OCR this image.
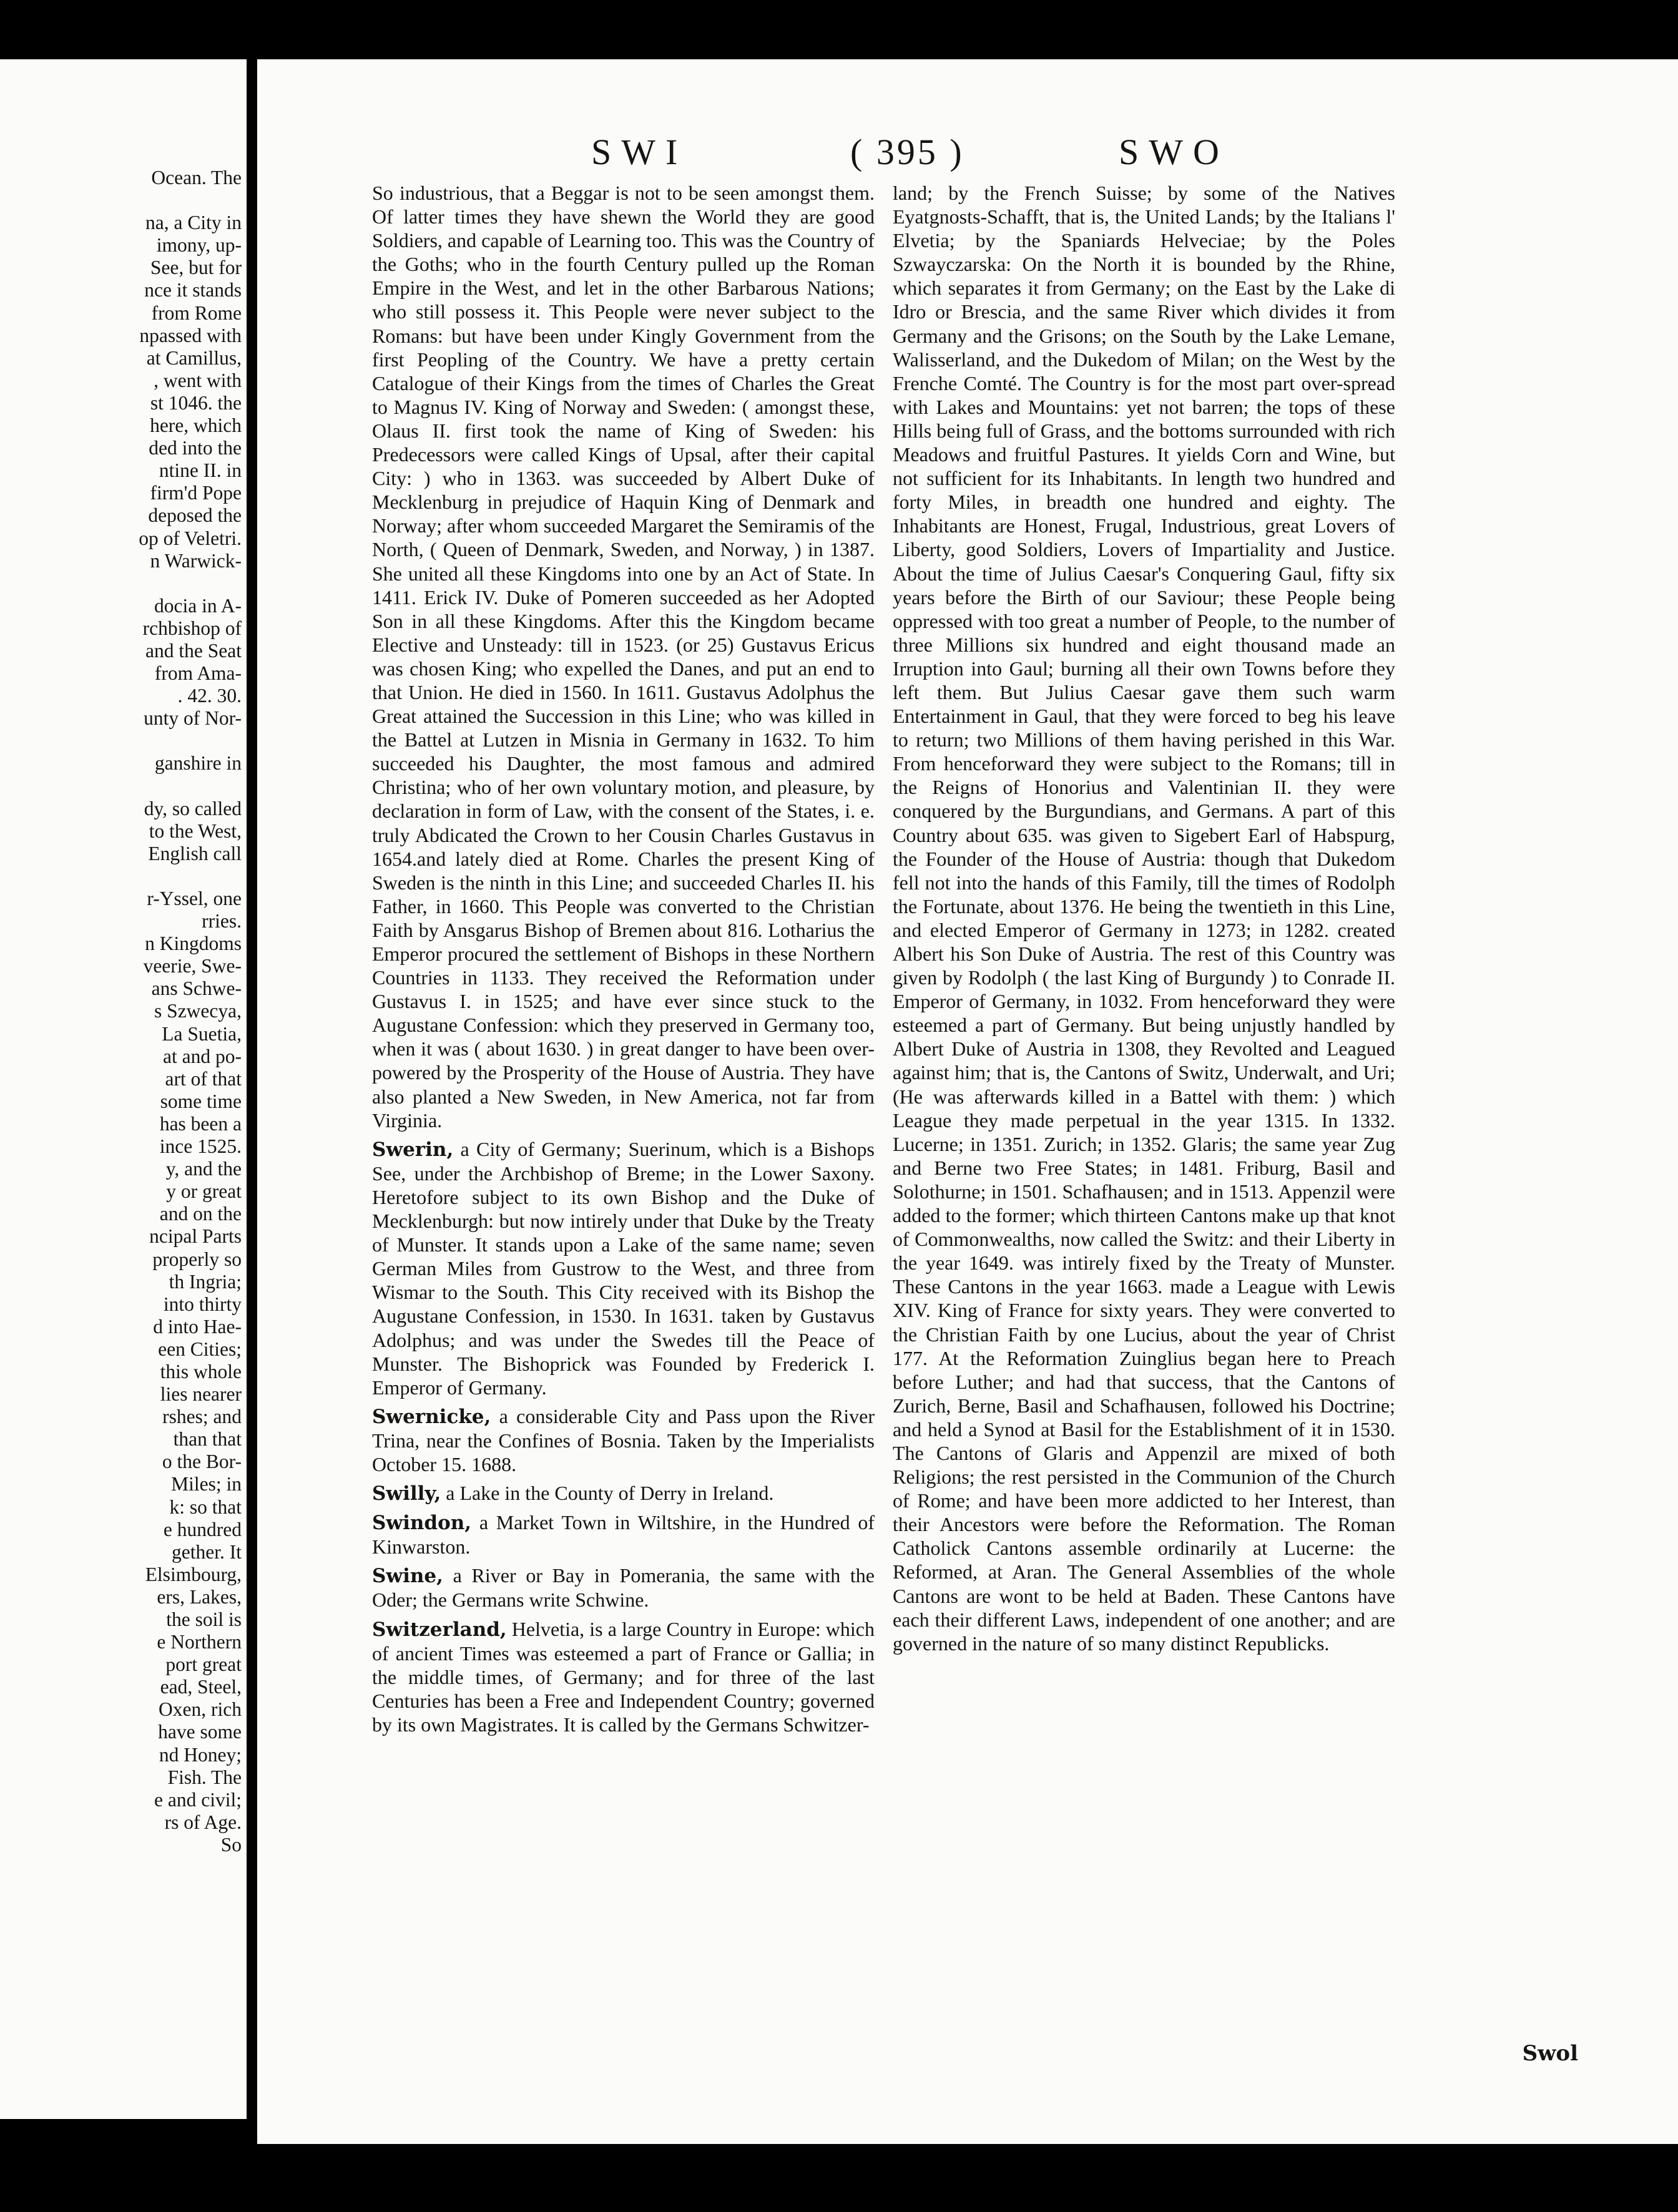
Ocean. The

na, a City in
imony, up-
See, but for
nce it stands
from Rome
npassed with
at Camillus,
, went with
st 1046. the
here, which
ded into the
ntine II. in
firm'd Pope
deposed the
op of Veletri.
n Warwick-

docia in A-
rchbishop of
and the Seat
from Ama-
. 42. 30.
unty of Nor-

ganshire in

dy, so called
to the West,
English call

r-Yssel, one
rries.
n Kingdoms
veerie, Swe-
ans Schwe-
s Szwecya,
La Suetia,
at and po-
art of that
some time
has been a
ince 1525.
y, and the
y or great
and on the
ncipal Parts
properly so
th Ingria;
into thirty
d into Hae-
een Cities;
this whole
lies nearer
rshes; and
than that
o the Bor-
Miles; in
k: so that
e hundred
gether. It
Elsimbourg,
ers, Lakes,
the soil is
e Northern
port great
ead, Steel,
Oxen, rich
have some
nd Honey;
Fish. The
e and civil;
rs of Age.
So
SWI	( 395 )	SWO

So industrious, that a Beggar is not to be seen amongst them. Of latter times they have shewn the World they are good Soldiers, and capable of Learning too. This was the Country of the Goths; who in the fourth Century pulled up the Roman Empire in the West, and let in the other Barbarous Nations; who still possess it. This People were never subject to the Romans: but have been under Kingly Government from the first Peopling of the Country. We have a pretty certain Catalogue of their Kings from the times of Charles the Great to Magnus IV. King of Norway and Sweden: ( amongst these, Olaus II. first took the name of King of Sweden: his Predecessors were called Kings of Upsal, after their capital City: ) who in 1363. was succeeded by Albert Duke of Mecklenburg in prejudice of Haquin King of Denmark and Norway; after whom succeeded Margaret the Semiramis of the North, ( Queen of Denmark, Sweden, and Norway, ) in 1387. She united all these Kingdoms into one by an Act of State. In 1411. Erick IV. Duke of Pomeren succeeded as her Adopted Son in all these Kingdoms. After this the Kingdom became Elective and Unsteady: till in 1523. (or 25) Gustavus Ericus was chosen King; who expelled the Danes, and put an end to that Union. He died in 1560. In 1611. Gustavus Adolphus the Great attained the Succession in this Line; who was killed in the Battel at Lutzen in Misnia in Germany in 1632. To him succeeded his Daughter, the most famous and admired Christina; who of her own voluntary motion, and pleasure, by declaration in form of Law, with the consent of the States, i. e. truly Abdicated the Crown to her Cousin Charles Gustavus in 1654.and lately died at Rome. Charles the present King of Sweden is the ninth in this Line; and succeeded Charles II. his Father, in 1660. This People was converted to the Christian Faith by Ansgarus Bishop of Bremen about 816. Lotharius the Emperor procured the settlement of Bishops in these Northern Countries in 1133. They received the Reformation under Gustavus I. in 1525; and have ever since stuck to the Augustane Confession: which they preserved in Germany too, when it was ( about 1630. ) in great danger to have been over-powered by the Prosperity of the House of Austria. They have also planted a New Sweden, in New America, not far from Virginia.

Swerin, a City of Germany; Suerinum, which is a Bishops See, under the Archbishop of Breme; in the Lower Saxony. Heretofore subject to its own Bishop and the Duke of Mecklenburgh: but now intirely under that Duke by the Treaty of Munster. It stands upon a Lake of the same name; seven German Miles from Gustrow to the West, and three from Wismar to the South. This City received with its Bishop the Augustane Confession, in 1530. In 1631. taken by Gustavus Adolphus; and was under the Swedes till the Peace of Munster. The Bishoprick was Founded by Frederick I. Emperor of Germany.

Swernicke, a considerable City and Pass upon the River Trina, near the Confines of Bosnia. Taken by the Imperialists October 15. 1688.

Swilly, a Lake in the County of Derry in Ireland.

Swindon, a Market Town in Wiltshire, in the Hundred of Kinwarston.

Swine, a River or Bay in Pomerania, the same with the Oder; the Germans write Schwine.

Switzerland, Helvetia, is a large Country in Europe: which of ancient Times was esteemed a part of France or Gallia; in the middle times, of Germany; and for three of the last Centuries has been a Free and Independent Country; governed by its own Magistrates. It is called by the Germans Schwitzer-

land; by the French Suisse; by some of the Natives Eyatgnosts-Schafft, that is, the United Lands; by the Italians l' Elvetia; by the Spaniards Helveciae; by the Poles Szwayczarska: On the North it is bounded by the Rhine, which separates it from Germany; on the East by the Lake di Idro or Brescia, and the same River which divides it from Germany and the Grisons; on the South by the Lake Lemane, Walisserland, and the Dukedom of Milan; on the West by the Frenche Comté. The Country is for the most part over-spread with Lakes and Mountains: yet not barren; the tops of these Hills being full of Grass, and the bottoms surrounded with rich Meadows and fruitful Pastures. It yields Corn and Wine, but not sufficient for its Inhabitants. In length two hundred and forty Miles, in breadth one hundred and eighty. The Inhabitants are Honest, Frugal, Industrious, great Lovers of Liberty, good Soldiers, Lovers of Impartiality and Justice. About the time of Julius Caesar's Conquering Gaul, fifty six years before the Birth of our Saviour; these People being oppressed with too great a number of People, to the number of three Millions six hundred and eight thousand made an Irruption into Gaul; burning all their own Towns before they left them. But Julius Caesar gave them such warm Entertainment in Gaul, that they were forced to beg his leave to return; two Millions of them having perished in this War. From henceforward they were subject to the Romans; till in the Reigns of Honorius and Valentinian II. they were conquered by the Burgundians, and Germans. A part of this Country about 635. was given to Sigebert Earl of Habspurg, the Founder of the House of Austria: though that Dukedom fell not into the hands of this Family, till the times of Rodolph the Fortunate, about 1376. He being the twentieth in this Line, and elected Emperor of Germany in 1273; in 1282. created Albert his Son Duke of Austria. The rest of this Country was given by Rodolph ( the last King of Burgundy ) to Conrade II. Emperor of Germany, in 1032. From henceforward they were esteemed a part of Germany. But being unjustly handled by Albert Duke of Austria in 1308, they Revolted and Leagued against him; that is, the Cantons of Switz, Underwalt, and Uri; (He was afterwards killed in a Battel with them: ) which League they made perpetual in the year 1315. In 1332. Lucerne; in 1351. Zurich; in 1352. Glaris; the same year Zug and Berne two Free States; in 1481. Friburg, Basil and Solothurne; in 1501. Schafhausen; and in 1513. Appenzil were added to the former; which thirteen Cantons make up that knot of Commonwealths, now called the Switz: and their Liberty in the year 1649. was intirely fixed by the Treaty of Munster. These Cantons in the year 1663. made a League with Lewis XIV. King of France for sixty years. They were converted to the Christian Faith by one Lucius, about the year of Christ 177. At the Reformation Zuinglius began here to Preach before Luther; and had that success, that the Cantons of Zurich, Berne, Basil and Schafhausen, followed his Doctrine; and held a Synod at Basil for the Establishment of it in 1530. The Cantons of Glaris and Appenzil are mixed of both Religions; the rest persisted in the Communion of the Church of Rome; and have been more addicted to her Interest, than their Ancestors were before the Reformation. The Roman Catholick Cantons assemble ordinarily at Lucerne: the Reformed, at Aran. The General Assemblies of the whole Cantons are wont to be held at Baden. These Cantons have each their different Laws, independent of one another; and are governed in the nature of so many distinct Republicks.

Swol
